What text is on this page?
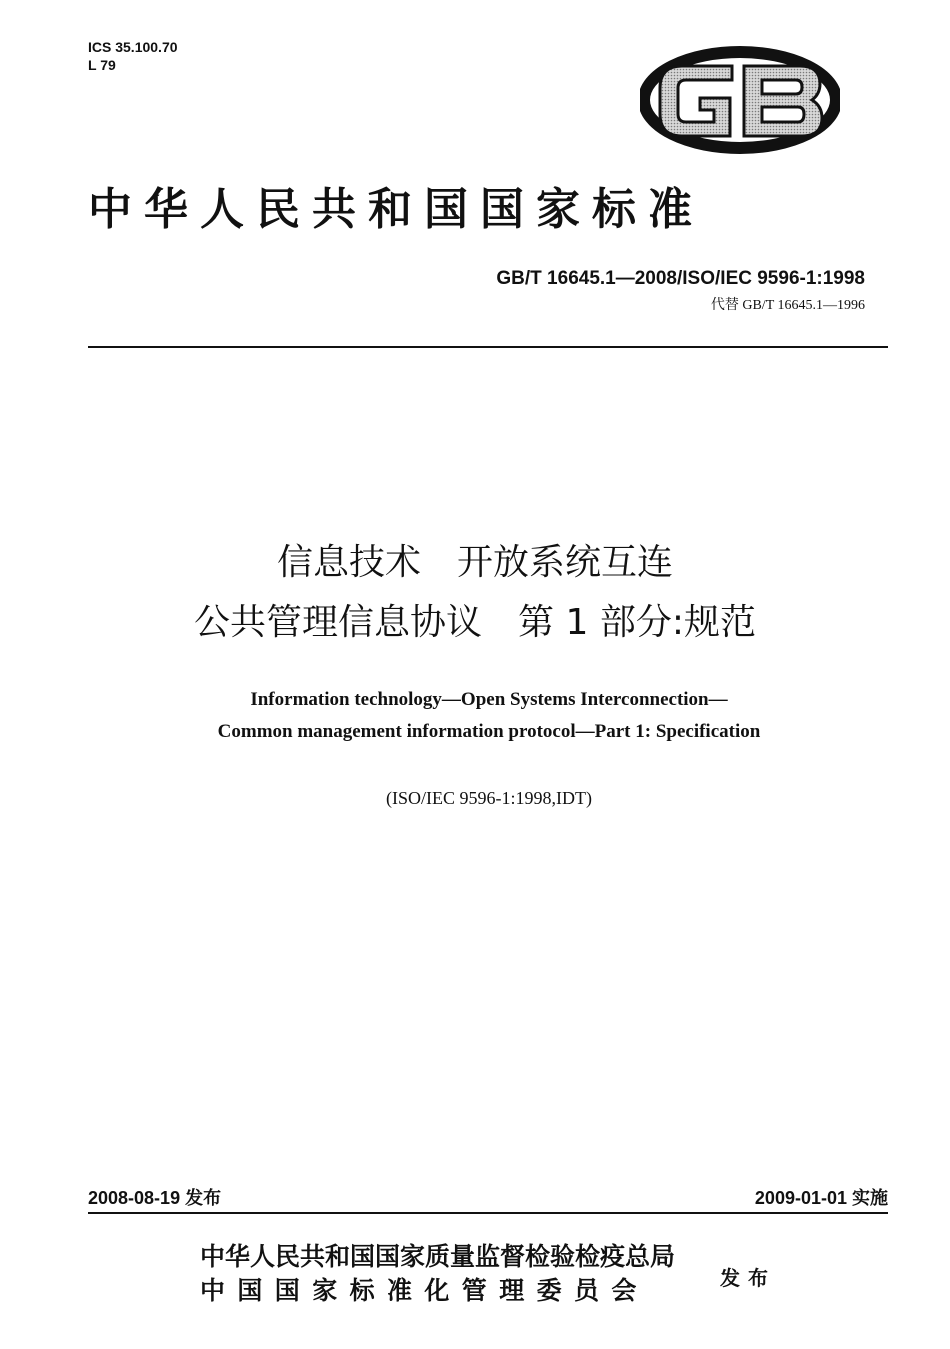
ICS 35.100.70
L 79
中华人民共和国国家标准
GB/T 16645.1—2008/ISO/IEC 9596-1:1998
代替 GB/T 16645.1—1996
信息技术　开放系统互连
公共管理信息协议　第 1 部分:规范
Information technology—Open Systems Interconnection—
Common management information protocol—Part 1: Specification
(ISO/IEC 9596-1:1998,IDT)
2008-08-19 发布	2009-01-01 实施
中华人民共和国国家质量监督检验检疫总局
中国国家标准化管理委员会	发布
